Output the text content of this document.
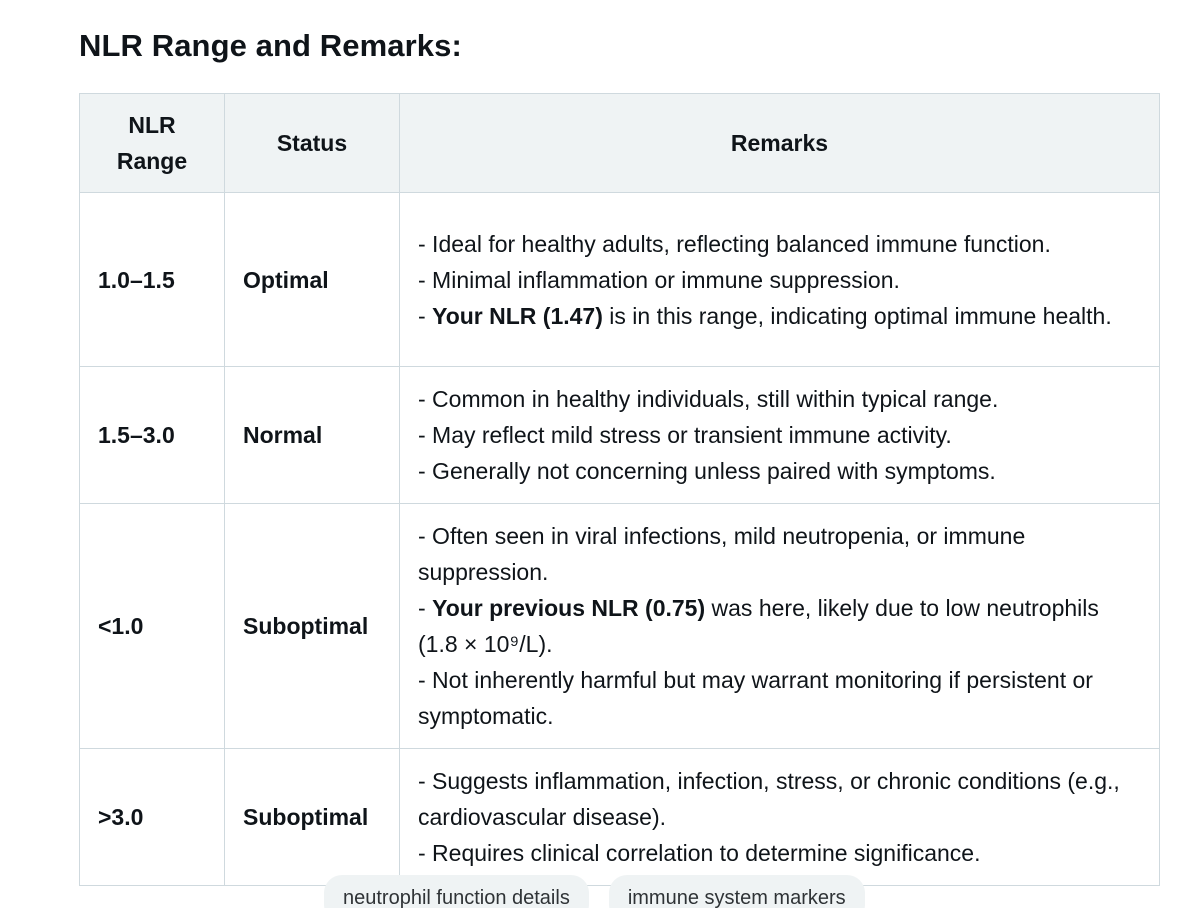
NLR Range and Remarks:
NLR Range	Status	Remarks
1.0–1.5	Optimal	- Ideal for healthy adults, reflecting balanced immune function.
- Minimal inflammation or immune suppression.
- Your NLR (1.47) is in this range, indicating optimal immune health.

1.5–3.0	Normal	- Common in healthy individuals, still within typical range.
- May reflect mild stress or transient immune activity.
- Generally not concerning unless paired with symptoms.

<1.0	Suboptimal	- Often seen in viral infections, mild neutropenia, or immune suppression.
- Your previous NLR (0.75) was here, likely due to low neutrophils (1.8 × 10⁹/L).
- Not inherently harmful but may warrant monitoring if persistent or symptomatic.

>3.0	Suboptimal	- Suggests inflammation, infection, stress, or chronic conditions (e.g., cardiovascular disease).
- Requires clinical correlation to determine significance.
neutrophil function details	immune system markers
